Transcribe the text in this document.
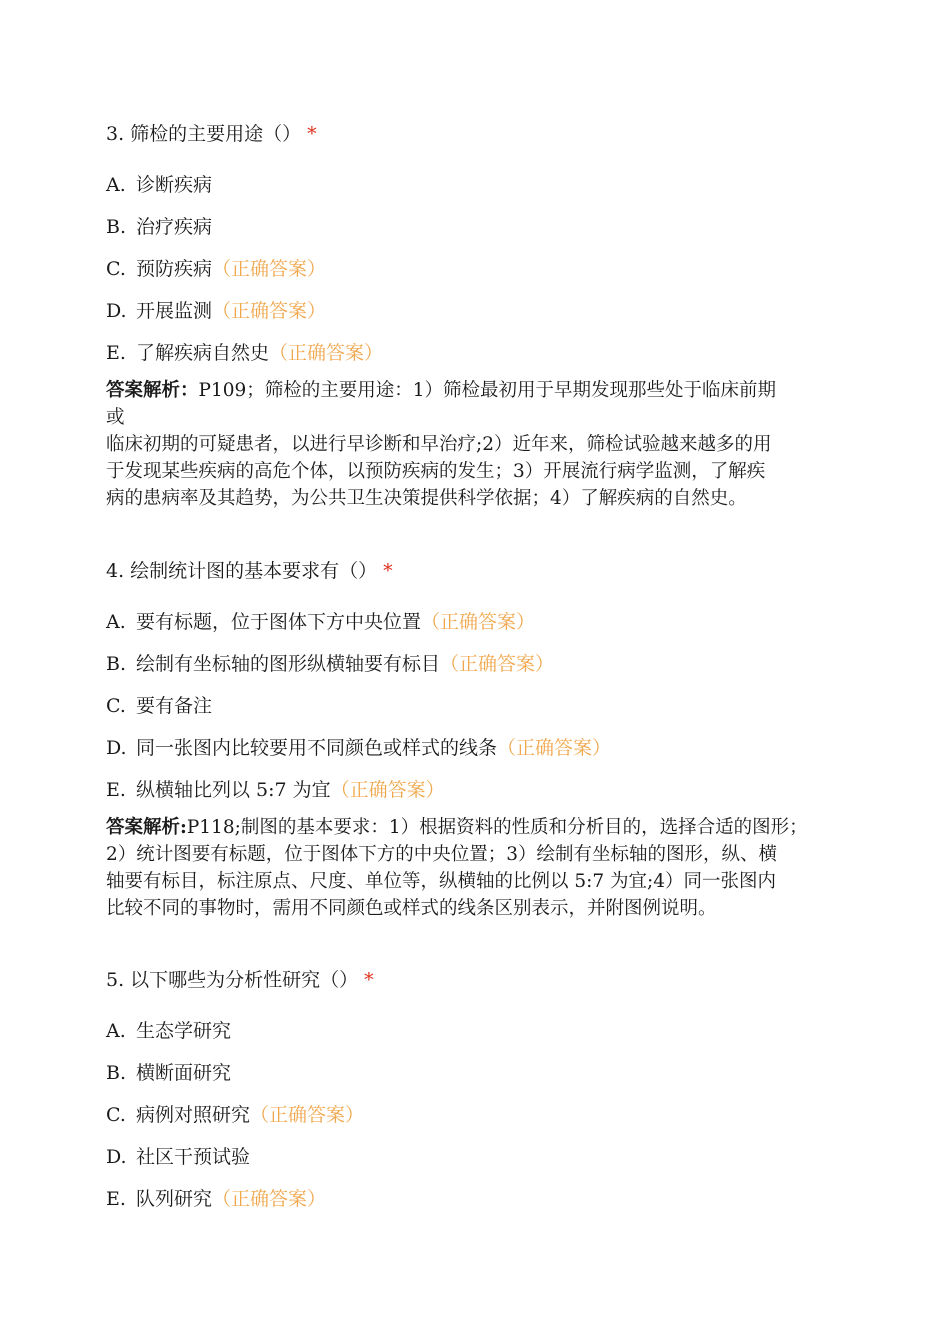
3. 筛检的主要用途（） *
A. 诊断疾病
B. 治疗疾病
C. 预防疾病（正确答案）
D. 开展监测（正确答案）
E. 了解疾病自然史（正确答案）
答案解析：P109；筛检的主要用途：1）筛检最初用于早期发现那些处于临床前期
或
临床初期的可疑患者，以进行早诊断和早治疗;2）近年来，筛检试验越来越多的用
于发现某些疾病的高危个体，以预防疾病的发生；3）开展流行病学监测，了解疾
病的患病率及其趋势，为公共卫生决策提供科学依据；4）了解疾病的自然史。
4. 绘制统计图的基本要求有（） *
A. 要有标题，位于图体下方中央位置（正确答案）
B. 绘制有坐标轴的图形纵横轴要有标目（正确答案）
C. 要有备注
D. 同一张图内比较要用不同颜色或样式的线条（正确答案）
E. 纵横轴比列以 5:7 为宜（正确答案）
答案解析:P118;制图的基本要求：1）根据资料的性质和分析目的，选择合适的图形；
2）统计图要有标题，位于图体下方的中央位置；3）绘制有坐标轴的图形，纵、横
轴要有标目，标注原点、尺度、单位等，纵横轴的比例以 5:7 为宜;4）同一张图内
比较不同的事物时，需用不同颜色或样式的线条区别表示，并附图例说明。
5. 以下哪些为分析性研究（） *
A. 生态学研究
B. 横断面研究
C. 病例对照研究（正确答案）
D. 社区干预试验
E. 队列研究（正确答案）
